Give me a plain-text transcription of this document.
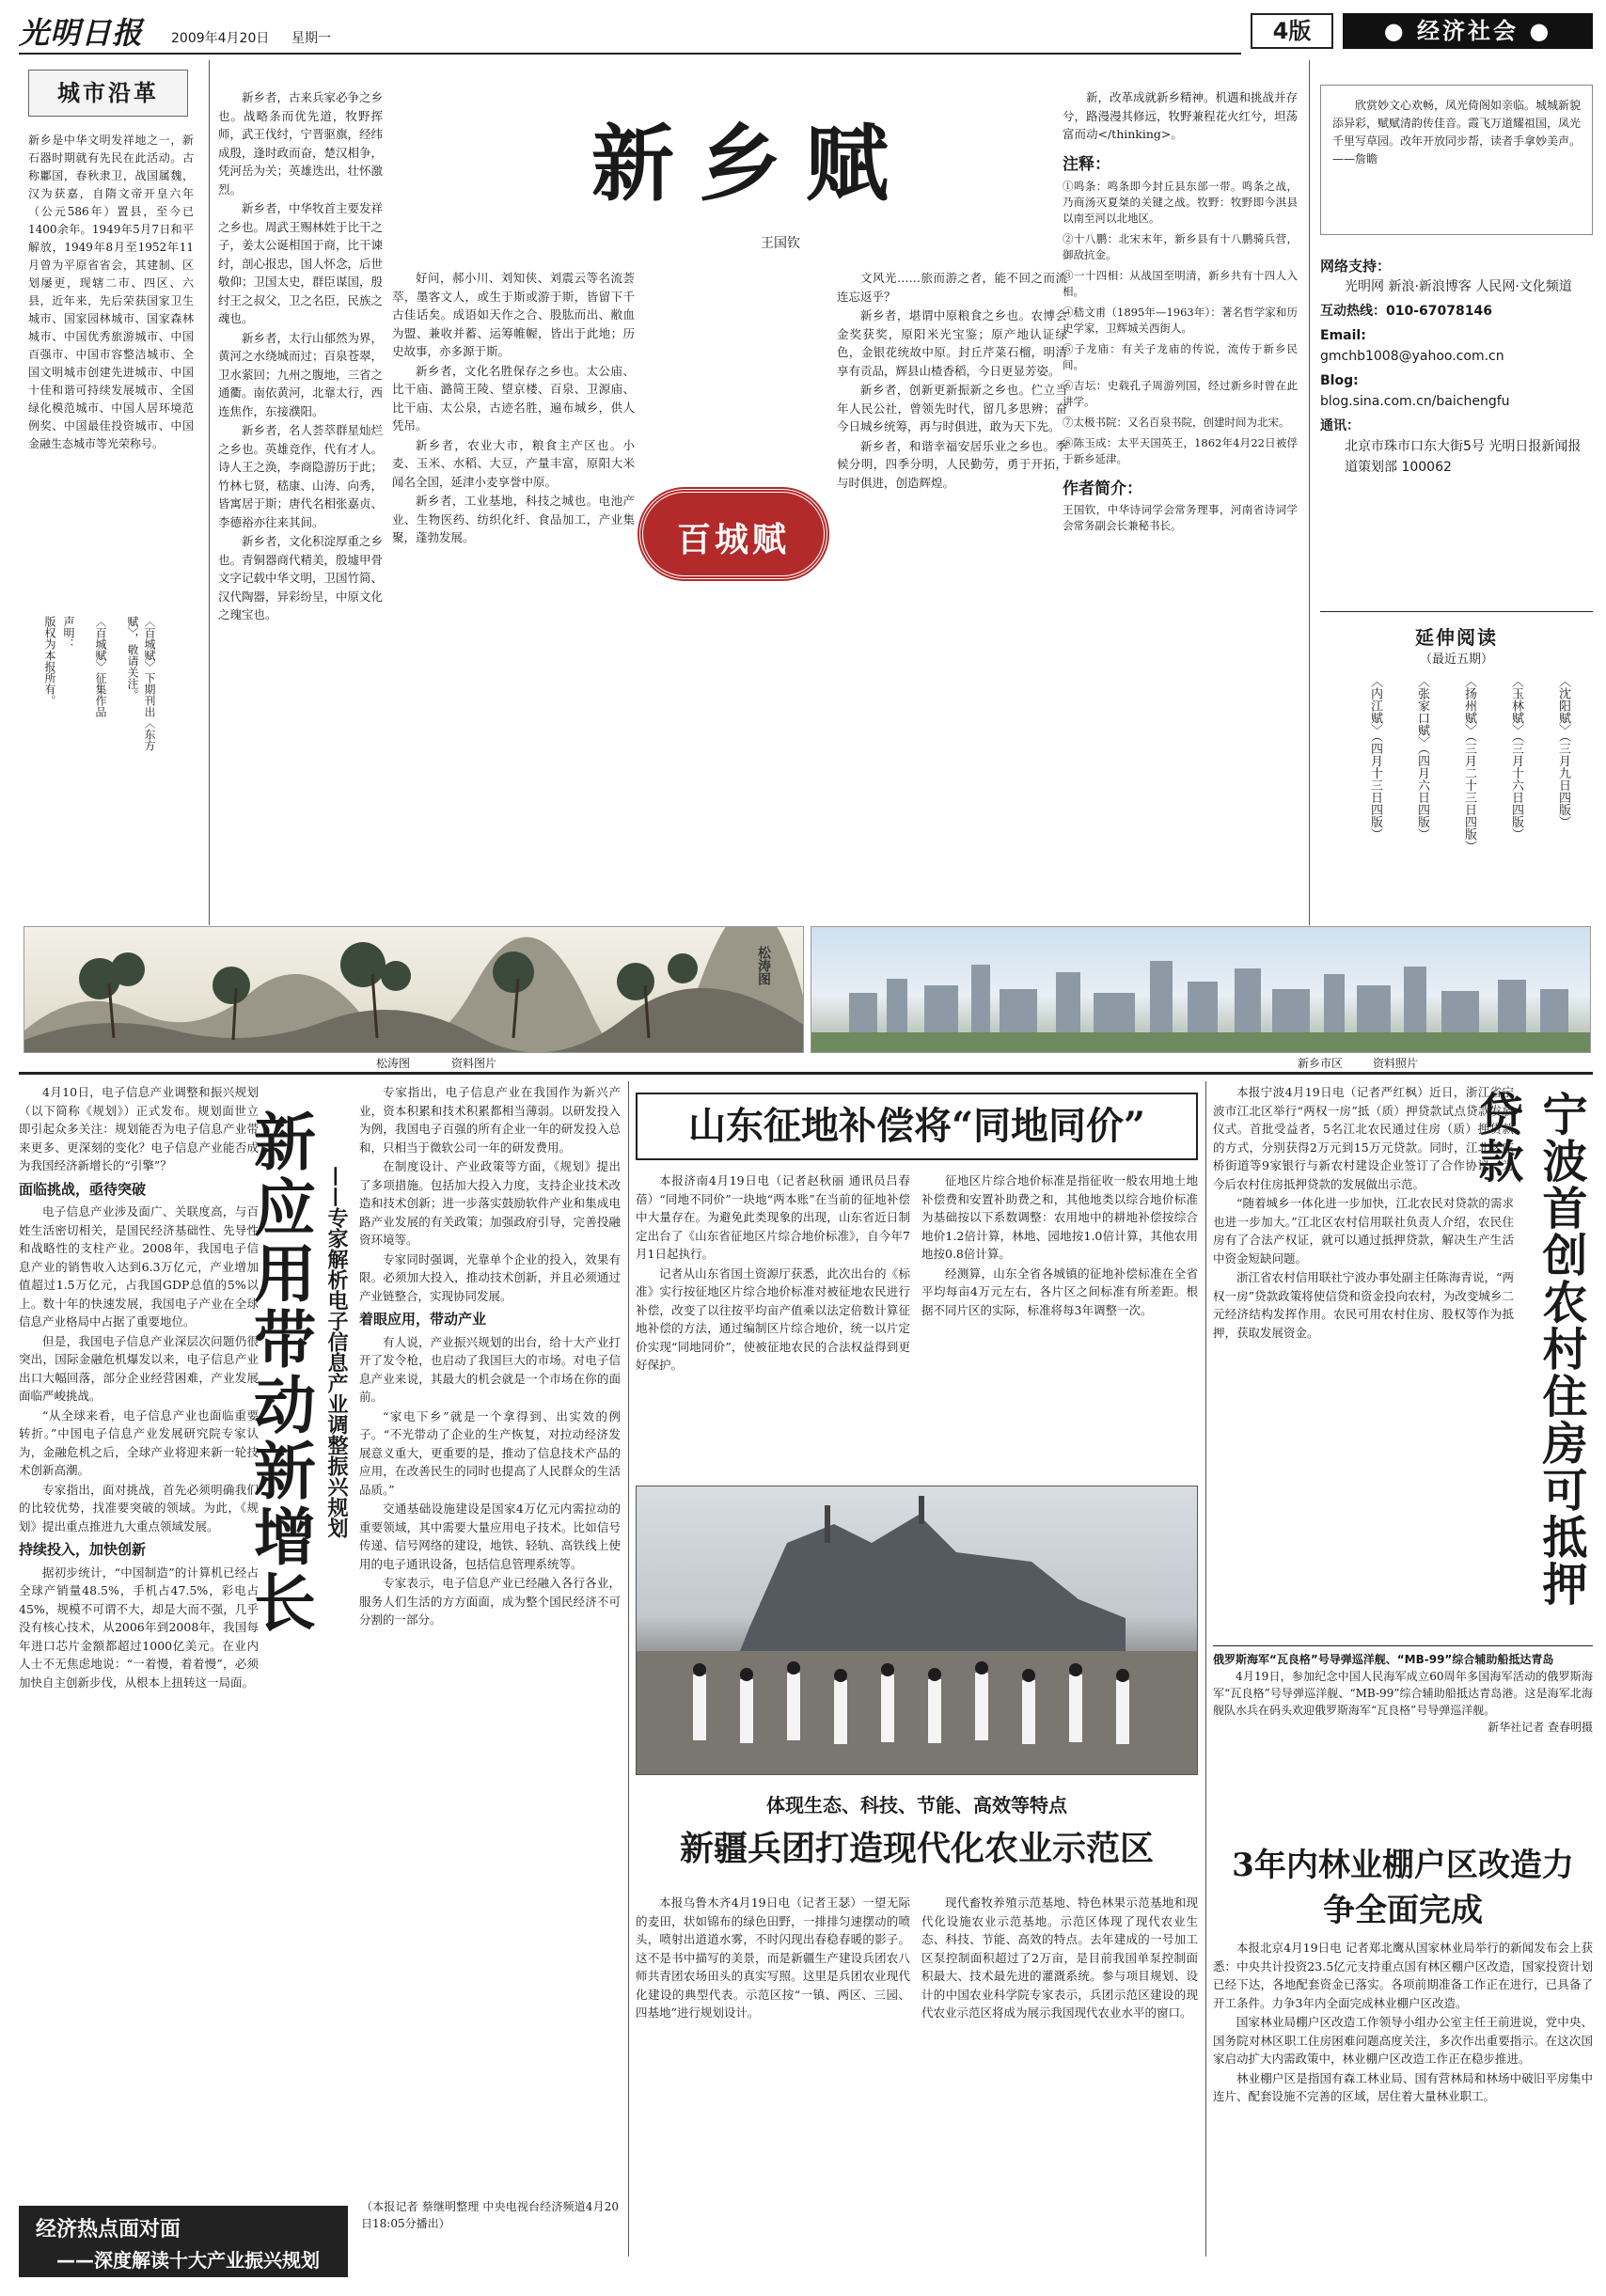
光明日报 2009年4月20日 星期一	4版	● 经济社会 ●
城市沿革
新乡是中华文明发祥地之一，新石器时期就有先民在此活动。古称鄘国，春秋隶卫，战国属魏，汉为获嘉，自隋文帝开皇六年（公元586年）置县，至今已1400余年。1949年5月7日和平解放，1949年8月至1952年11月曾为平原省省会，其建制、区划屡更，现辖二市、四区、六县，近年来，先后荣获国家卫生城市、国家园林城市、国家森林城市、中国优秀旅游城市、中国百强市、中国市容整洁城市、全国文明城市创建先进城市、中国十佳和谐可持续发展城市、全国绿化模范城市、中国人居环境范例奖、中国最佳投资城市、中国金融生态城市等光荣称号。
〈百城赋〉下期刊出〈东方
赋〉，敬请关注。
〈百城赋〉征集作品
声明：
版权为本报所有。
新乡赋
王国钦

新乡者，古来兵家必争之乡也。战略条而优先道，牧野挥师，武王伐纣，宁晋驱旗，经纬成殷，逢时政而奋，楚汉相争，凭河岳为关；英雄迭出，壮怀激烈。

新乡者，中华牧首主要发祥之乡也。周武王赐林姓于比干之子，姜太公诞相国于商，比干谏纣，剖心报忠，国人怀念，后世敬仰；卫国太史，群臣谋国，殷纣王之叔父，卫之名臣，民族之魂也。

新乡者，太行山郁然为界，黄河之水绕城而过；百泉苍翠，卫水萦回；九州之腹地，三省之通衢。南依黄河，北靠太行，西连焦作，东接濮阳。

新乡者，名人荟萃群星灿烂之乡也。英雄竞作，代有才人。诗人王之涣，李商隐游历于此；竹林七贤，嵇康、山涛、向秀，皆寓居于斯；唐代名相张嘉贞、李德裕亦往来其间。

新乡者，文化积淀厚重之乡也。青铜器商代精美，殷墟甲骨文字记载中华文明，卫国竹简、汉代陶器，异彩纷呈，中原文化之瑰宝也。

好问，郝小川、刘知侠、刘震云等名流荟萃，墨客文人，或生于斯或游于斯，皆留下千古佳话矣。成语如天作之合、股肱而出、敝血为盟、兼收并蓄、运筹帷幄，皆出于此地；历史故事，亦多源于斯。

新乡者，文化名胜保存之乡也。太公庙、比干庙、潞简王陵、望京楼、百泉、卫源庙、比干庙、太公泉，古迹名胜，遍布城乡，供人凭吊。

新乡者，农业大市，粮食主产区也。小麦、玉米、水稻、大豆，产量丰富，原阳大米闻名全国，延津小麦享誉中原。

新乡者，工业基地，科技之城也。电池产业、生物医药、纺织化纤、食品加工，产业集聚，蓬勃发展。	百城赋

文风光……旅而游之者，能不回之而流连忘返乎？

新乡者，堪谓中原粮食之乡也。农博会金奖获奖，原阳米光宝鉴；原产地认证绿色，金银花统故中原。封丘芹菜石榴，明清享有贡品，辉县山楂香稻，今日更显芳姿。

新乡者，创新更新振新之乡也。伫立当年人民公社，曾领先时代，留几多思辨；奋今日城乡统筹，再与时俱进，敢为天下先。

新乡者，和谐幸福安居乐业之乡也。季候分明，四季分明，人民勤劳，勇于开拓，与时俱进，创造辉煌。

新，改革成就新乡精神。机遇和挑战并存兮，路漫漫其修远，牧野兼程花火红兮，坦荡富而动</thinking>。

注释：

①鸣条：鸣条即今封丘县东部一带。鸣条之战，乃商汤灭夏桀的关键之战。牧野：牧野即今淇县以南至河以北地区。

②十八鹏：北宋末年，新乡县有十八鹏骑兵营，御敌抗金。

③一十四相：从战国至明清，新乡共有十四人入相。

④嵇文甫（1895年—1963年）：著名哲学家和历史学家，卫辉城关西街人。

⑤子龙庙：有关子龙庙的传说，流传于新乡民间。

⑥吉坛：史载孔子周游列国，经过新乡时曾在此讲学。

⑦太极书院：又名百泉书院，创建时间为北宋。

⑧陈玉成：太平天国英王，1862年4月22日被俘于新乡延津。

作者简介：

王国钦，中华诗词学会常务理事，河南省诗词学会常务副会长兼秘书长。

欣赏妙文心欢畅，凤光倚阁如亲临。城城新貌添异彩，赋赋清韵传佳音。霞飞万道耀祖国，凤光千里写草园。改年开放同步帮，读者手拿妙美声。——詹瞻
网络支持：
光明网 新浪·新浪博客 人民网·文化频道
互动热线：010-67078146
Email:
gmchb1008@yahoo.com.cn
Blog:
blog.sina.com.cn/baichengfu
通讯：
北京市珠市口东大街5号 光明日报新闻报道策划部 100062
延伸阅读
（最近五期）
〈沈阳赋〉（三月九日四版）
〈玉林赋〉（三月十六日四版）
〈扬州赋〉（三月二十三日四版）
〈张家口赋〉（四月六日四版）
〈内江赋〉（四月十三日四版）
松涛图
松涛图	资料图片	新乡市区	资料照片

4月10日，电子信息产业调整和振兴规划（以下简称《规划》）正式发布。规划面世立即引起众多关注：规划能否为电子信息产业带来更多、更深刻的变化？电子信息产业能否成为我国经济新增长的“引擎”？

面临挑战，亟待突破

电子信息产业涉及面广、关联度高，与百姓生活密切相关，是国民经济基础性、先导性和战略性的支柱产业。2008年，我国电子信息产业的销售收入达到6.3万亿元，产业增加值超过1.5万亿元，占我国GDP总值的5%以上。数十年的快速发展，我国电子产业在全球信息产业格局中占据了重要地位。

但是，我国电子信息产业深层次问题仍很突出，国际金融危机爆发以来，电子信息产业出口大幅回落，部分企业经营困难，产业发展面临严峻挑战。

“从全球来看，电子信息产业也面临重要转折。”中国电子信息产业发展研究院专家认为，金融危机之后，全球产业将迎来新一轮技术创新高潮。

专家指出，面对挑战，首先必须明确我们的比较优势，找准要突破的领域。为此，《规划》提出重点推进九大重点领域发展。

持续投入，加快创新

据初步统计，“中国制造”的计算机已经占全球产销量48.5%，手机占47.5%，彩电占45%，规模不可谓不大，却是大而不强，几乎没有核心技术，从2006年到2008年，我国每年进口芯片金额都超过1000亿美元。在业内人士不无焦虑地说：“一着慢，着着慢”，必须加快自主创新步伐，从根本上扭转这一局面。

新
应
用
带
动
新
增
长
——专家解析电子信息产业调整振兴规划

专家指出，电子信息产业在我国作为新兴产业，资本积累和技术积累都相当薄弱。以研发投入为例，我国电子百强的所有企业一年的研发投入总和，只相当于微软公司一年的研发费用。

在制度设计、产业政策等方面，《规划》提出了多项措施。包括加大投入力度，支持企业技术改造和技术创新；进一步落实鼓励软件产业和集成电路产业发展的有关政策；加强政府引导，完善投融资环境等。

专家同时强调，光靠单个企业的投入，效果有限。必须加大投入，推动技术创新，并且必须通过产业链整合，实现协同发展。

着眼应用，带动产业

有人说，产业振兴规划的出台，给十大产业打开了发令枪，也启动了我国巨大的市场。对电子信息产业来说，其最大的机会就是一个市场在你的面前。

“家电下乡”就是一个拿得到、出实效的例子。“不光带动了企业的生产恢复，对拉动经济发展意义重大，更重要的是，推动了信息技术产品的应用，在改善民生的同时也提高了人民群众的生活品质。”

交通基础设施建设是国家4万亿元内需拉动的重要领域，其中需要大量应用电子技术。比如信号传递、信号网络的建设，地铁、轻轨、高铁线上使用的电子通讯设备，包括信息管理系统等。

专家表示，电子信息产业已经融入各行各业，服务人们生活的方方面面，成为整个国民经济不可分割的一部分。

（本报记者 蔡继明整理 中央电视台经济频道4月20日18:05分播出）
山东征地补偿将“同地同价”

本报济南4月19日电（记者赵秋丽 通讯员吕春蓓）“同地不同价”一块地“两本账”在当前的征地补偿中大量存在。为避免此类现象的出现，山东省近日制定出台了《山东省征地区片综合地价标准》，自今年7月1日起执行。

记者从山东省国土资源厅获悉，此次出台的《标准》实行按征地区片综合地价标准对被征地农民进行补偿，改变了以往按平均亩产值乘以法定倍数计算征地补偿的方法，通过编制区片综合地价，统一以片定价实现“同地同价”，使被征地农民的合法权益得到更好保护。

征地区片综合地价标准是指征收一般农用地土地补偿费和安置补助费之和，其他地类以综合地价标准为基础按以下系数调整：农用地中的耕地补偿按综合地价1.2倍计算，林地、园地按1.0倍计算，其他农用地按0.8倍计算。

经测算，山东全省各城镇的征地补偿标准在全省平均每亩4万元左右，各片区之间标准有所差距。根据不同片区的实际，标准将每3年调整一次。

体现生态、科技、节能、高效等特点
新疆兵团打造现代化农业示范区
本报乌鲁木齐4月19日电（记者王瑟）一望无际的麦田，状如锦布的绿色田野，一排排匀速摆动的喷头，喷射出道道水雾，不时闪现出春稳春暖的影子。这不是书中描写的美景，而是新疆生产建设兵团农八师共青团农场田头的真实写照。这里是兵团农业现代化建设的典型代表。示范区按“一镇、两区、三园、四基地”进行规划设计。
现代畜牧养殖示范基地、特色林果示范基地和现代化设施农业示范基地。示范区体现了现代农业生态、科技、节能、高效的特点。去年建成的一号加工区泵控制面积超过了2万亩，是目前我国单泵控制面积最大、技术最先进的灌溉系统。参与项目规划、设计的中国农业科学院专家表示，兵团示范区建设的现代农业示范区将成为展示我国现代农业水平的窗口。

本报宁波4月19日电（记者严红枫）近日，浙江省宁波市江北区举行“两权一房”抵（质）押贷款试点贷款发放仪式。首批受益者，5名江北农民通过住房（质）押贷款的方式，分别获得2万元到15万元贷款。同时，江北区庄桥街道等9家银行与新农村建设企业签订了合作协议，为今后农村住房抵押贷款的发展做出示范。

“随着城乡一体化进一步加快，江北农民对贷款的需求也进一步加大。”江北区农村信用联社负责人介绍，农民住房有了合法产权证，就可以通过抵押贷款，解决生产生活中资金短缺问题。

浙江省农村信用联社宁波办事处副主任陈海青说，“两权一房”贷款政策将使信贷和资金投向农村，为改变城乡二元经济结构发挥作用。农民可用农村住房、股权等作为抵押，获取发展资金。	宁波首创农村住房可抵押贷款
俄罗斯海军“瓦良格”号导弹巡洋舰、“MB-99”综合辅助船抵达青岛
4月19日，参加纪念中国人民海军成立60周年多国海军活动的俄罗斯海军“瓦良格”号导弹巡洋舰、“MB-99”综合辅助船抵达青岛港。这是海军北海舰队水兵在码头欢迎俄罗斯海军“瓦良格”号导弹巡洋舰。
新华社记者 查春明摄
3年内林业棚户区改造力争全面完成

本报北京4月19日电 记者郑北鹰从国家林业局举行的新闻发布会上获悉：中央共计投资23.5亿元支持重点国有林区棚户区改造，国家投资计划已经下达，各地配套资金已落实。各项前期准备工作正在进行，已具备了开工条件。力争3年内全面完成林业棚户区改造。

国家林业局棚户区改造工作领导小组办公室主任王前进说，党中央、国务院对林区职工住房困难问题高度关注，多次作出重要指示。在这次国家启动扩大内需政策中，林业棚户区改造工作正在稳步推进。

林业棚户区是指国有森工林业局、国有营林局和林场中破旧平房集中连片、配套设施不完善的区域，居住着大量林业职工。

经济热点面对面
——深度解读十大产业振兴规划
